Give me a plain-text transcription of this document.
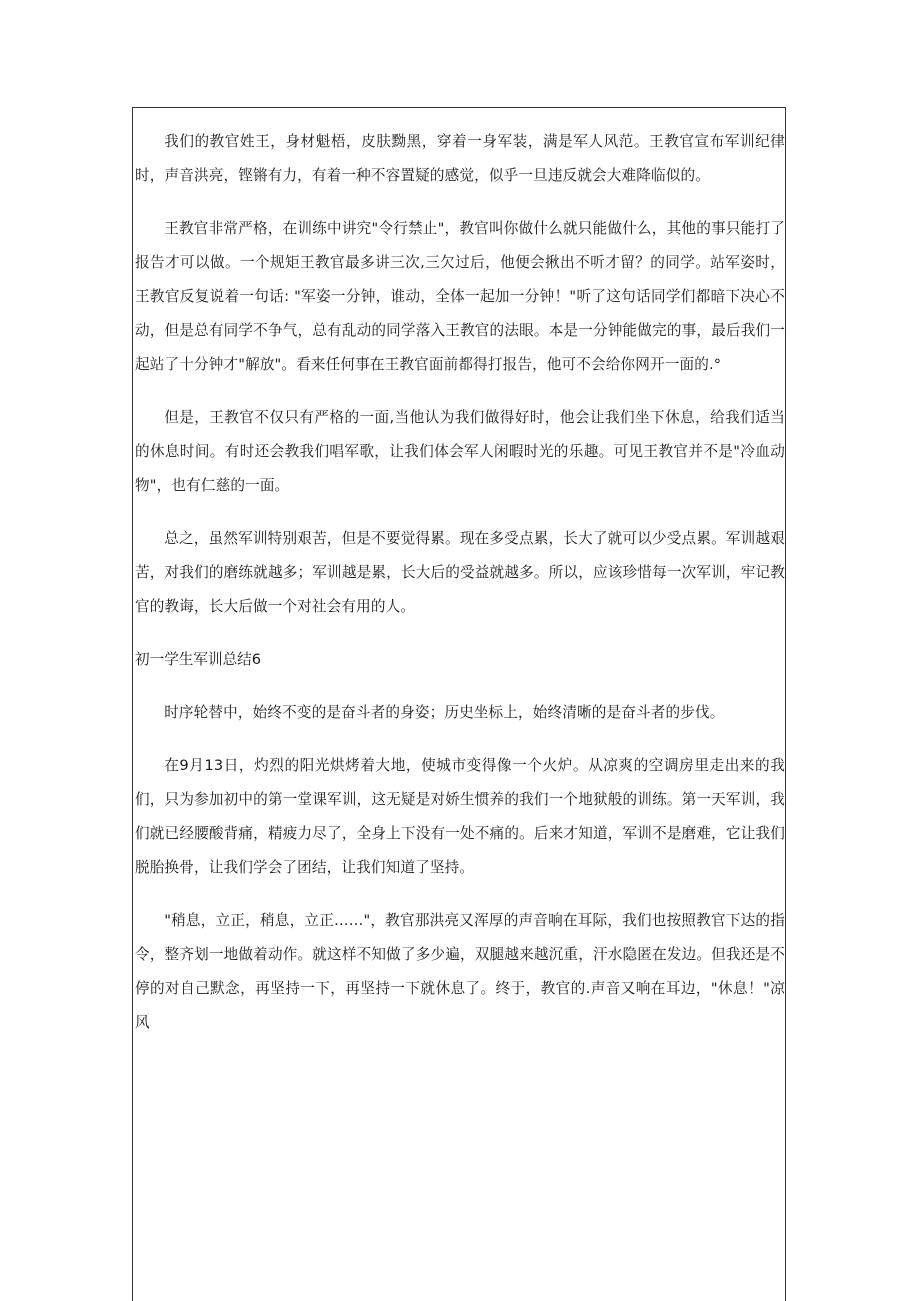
我们的教官姓王，身材魁梧，皮肤黝黑，穿着一身军装，满是军人风范。王教官宣布军训纪律时，声音洪亮，铿锵有力，有着一种不容置疑的感觉，似乎一旦违反就会大难降临似的。

王教官非常严格，在训练中讲究"令行禁止"，教官叫你做什么就只能做什么，其他的事只能打了报告才可以做。一个规矩王教官最多讲三次,三欠过后，他便会揪出不听才留？的同学。站军姿时，王教官反复说着一句话: "军姿一分钟，谁动，全体一起加一分钟！"听了这句话同学们都暗下决心不动，但是总有同学不争气，总有乱动的同学落入王教官的法眼。本是一分钟能做完的事，最后我们一起站了十分钟才"解放"。看来任何事在王教官面前都得打报告，他可不会给你网开一面的.°

但是，王教官不仅只有严格的一面,当他认为我们做得好时，他会让我们坐下休息，给我们适当的休息时间。有时还会教我们唱军歌，让我们体会军人闲暇时光的乐趣。可见王教官并不是"冷血动物"，也有仁慈的一面。

总之，虽然军训特别艰苦，但是不要觉得累。现在多受点累，长大了就可以少受点累。军训越艰苦，对我们的磨练就越多；军训越是累，长大后的受益就越多。所以，应该珍惜每一次军训，牢记教官的教诲，长大后做一个对社会有用的人。

初一学生军训总结6

时序轮替中，始终不变的是奋斗者的身姿；历史坐标上，始终清晰的是奋斗者的步伐。

在9月13日，灼烈的阳光烘烤着大地，使城市变得像一个火炉。从凉爽的空调房里走出来的我们，只为参加初中的第一堂课军训，这无疑是对娇生惯养的我们一个地狱般的训练。第一天军训，我们就已经腰酸背痛，精疲力尽了，全身上下没有一处不痛的。后来才知道，军训不是磨难，它让我们脱胎换骨，让我们学会了团结，让我们知道了坚持。

"稍息，立正，稍息，立正……"，教官那洪亮又浑厚的声音响在耳际，我们也按照教官下达的指令，整齐划一地做着动作。就这样不知做了多少遍，双腿越来越沉重，汗水隐匿在发边。但我还是不停的对自己默念，再坚持一下，再坚持一下就休息了。终于，教官的.声音又响在耳边，"休息！"凉风
